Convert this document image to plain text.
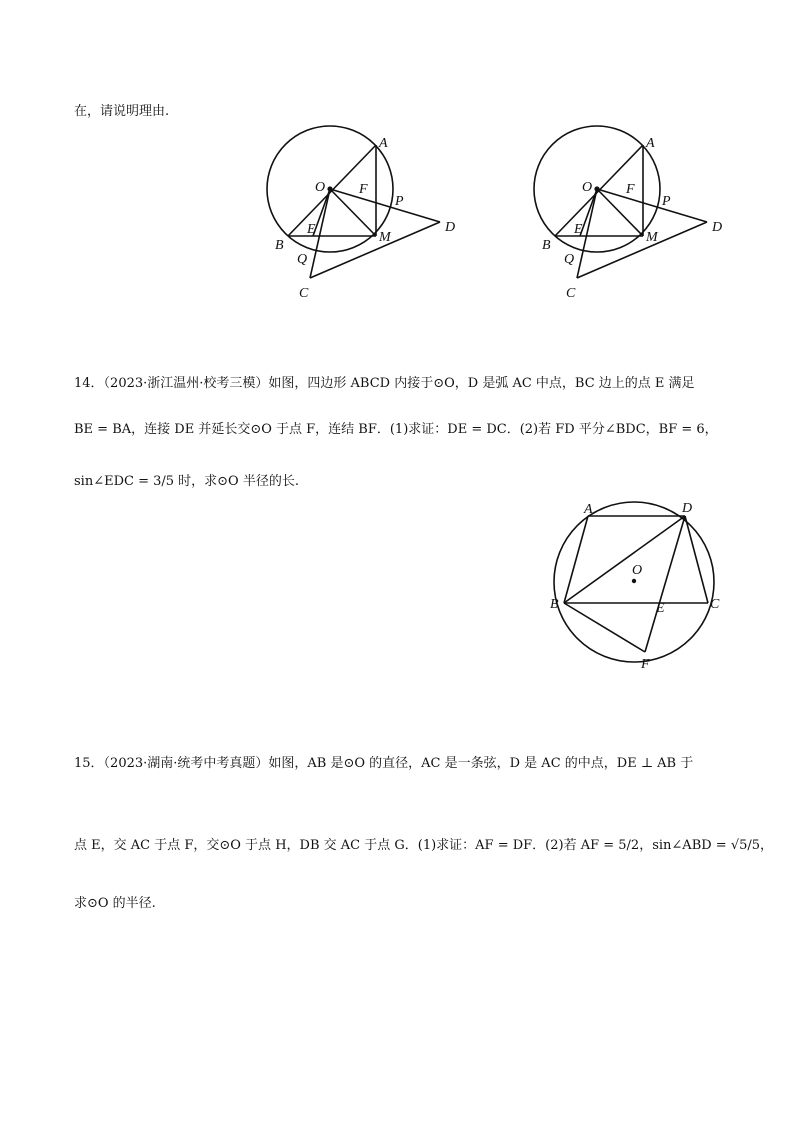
在，请说明理由.
A
O F
P
D
E
B
M
Q
C
A
O F
P
D
E
B
M
Q
C
14．（2023·浙江温州·校考三模）如图，四边形 ABCD 内接于⊙O，D 是弧 AC 中点，BC 边上的点 E 满足
BE = BA，连接 DE 并延长交⊙O 于点 F，连结 BF．(1)求证：DE = DC．(2)若 FD 平分∠BDC，BF = 6，
sin∠EDC = 3/5 时，求⊙O 半径的长.
A	D
O
B	E	C
F
15．（2023·湖南·统考中考真题）如图，AB 是⊙O 的直径，AC 是一条弦，D 是 AC 的中点，DE ⊥ AB 于
点 E，交 AC 于点 F，交⊙O 于点 H，DB 交 AC 于点 G．(1)求证：AF = DF．(2)若 AF = 5/2，sin∠ABD = √5/5，
求⊙O 的半径.
